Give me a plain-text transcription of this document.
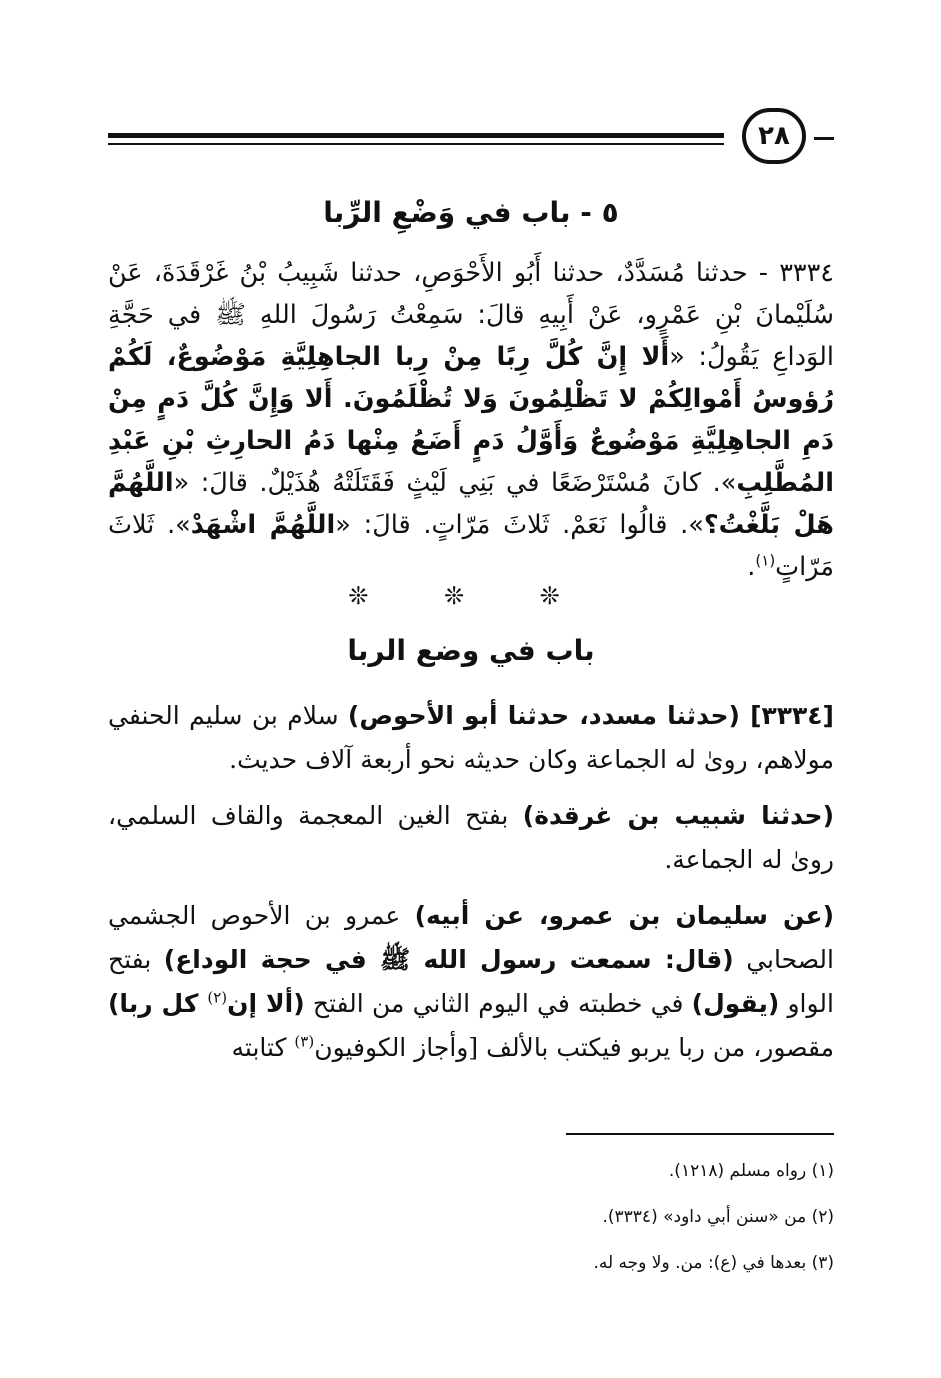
٢٨
٥ - باب في وَضْعِ الرِّبا

٣٣٣٤ - حدثنا مُسَدَّدٌ، حدثنا أَبُو الأَحْوَصِ، حدثنا شَبِيبُ بْنُ غَرْقَدَةَ، عَنْ سُلَيْمانَ بْنِ عَمْرٍو، عَنْ أَبِيهِ قالَ: سَمِعْتُ رَسُولَ اللهِ ﷺ في حَجَّةِ الوَداعِ يَقُولُ: «أَلا إِنَّ كُلَّ رِبًا مِنْ رِبا الجاهِلِيَّةِ مَوْضُوعٌ، لَكُمْ رُؤوسُ أَمْوالِكُمْ لا تَظْلِمُونَ وَلا تُظْلَمُونَ. أَلا وَإِنَّ كُلَّ دَمٍ مِنْ دَمِ الجاهِلِيَّةِ مَوْضُوعٌ وَأَوَّلُ دَمٍ أَضَعُ مِنْها دَمُ الحارِثِ بْنِ عَبْدِ المُطَّلِبِ». كانَ مُسْتَرْضَعًا في بَنِي لَيْثٍ فَقَتَلَتْهُ هُذَيْلٌ. قالَ: «اللَّهُمَّ هَلْ بَلَّغْتُ؟». قالُوا نَعَمْ. ثَلاثَ مَرّاتٍ. قالَ: «اللَّهُمَّ اشْهَدْ». ثَلاثَ مَرّاتٍ$^{(١)}$.

❊ ❊ ❊
باب في وضع الربا

[٣٣٣٤] (حدثنا مسدد، حدثنا أبو الأحوص) سلام بن سليم الحنفي مولاهم، روىٰ له الجماعة وكان حديثه نحو أربعة آلاف حديث.

(حدثنا شبيب بن غرقدة) بفتح الغين المعجمة والقاف السلمي، روىٰ له الجماعة.

(عن سليمان بن عمرو، عن أبيه) عمرو بن الأحوص الجشمي الصحابي (قال: سمعت رسول الله ﷺ في حجة الوداع) بفتح الواو (يقول) في خطبته في اليوم الثاني من الفتح (ألا إن$^{(٢)}$ كل ربا) مقصور، من ربا يربو فيكتب بالألف [وأجاز الكوفيون$^{(٣)}$ كتابته

(١) رواه مسلم (١٢١٨).
(٢) من «سنن أبي داود» (٣٣٣٤).
(٣) بعدها في (ع): من. ولا وجه له.
